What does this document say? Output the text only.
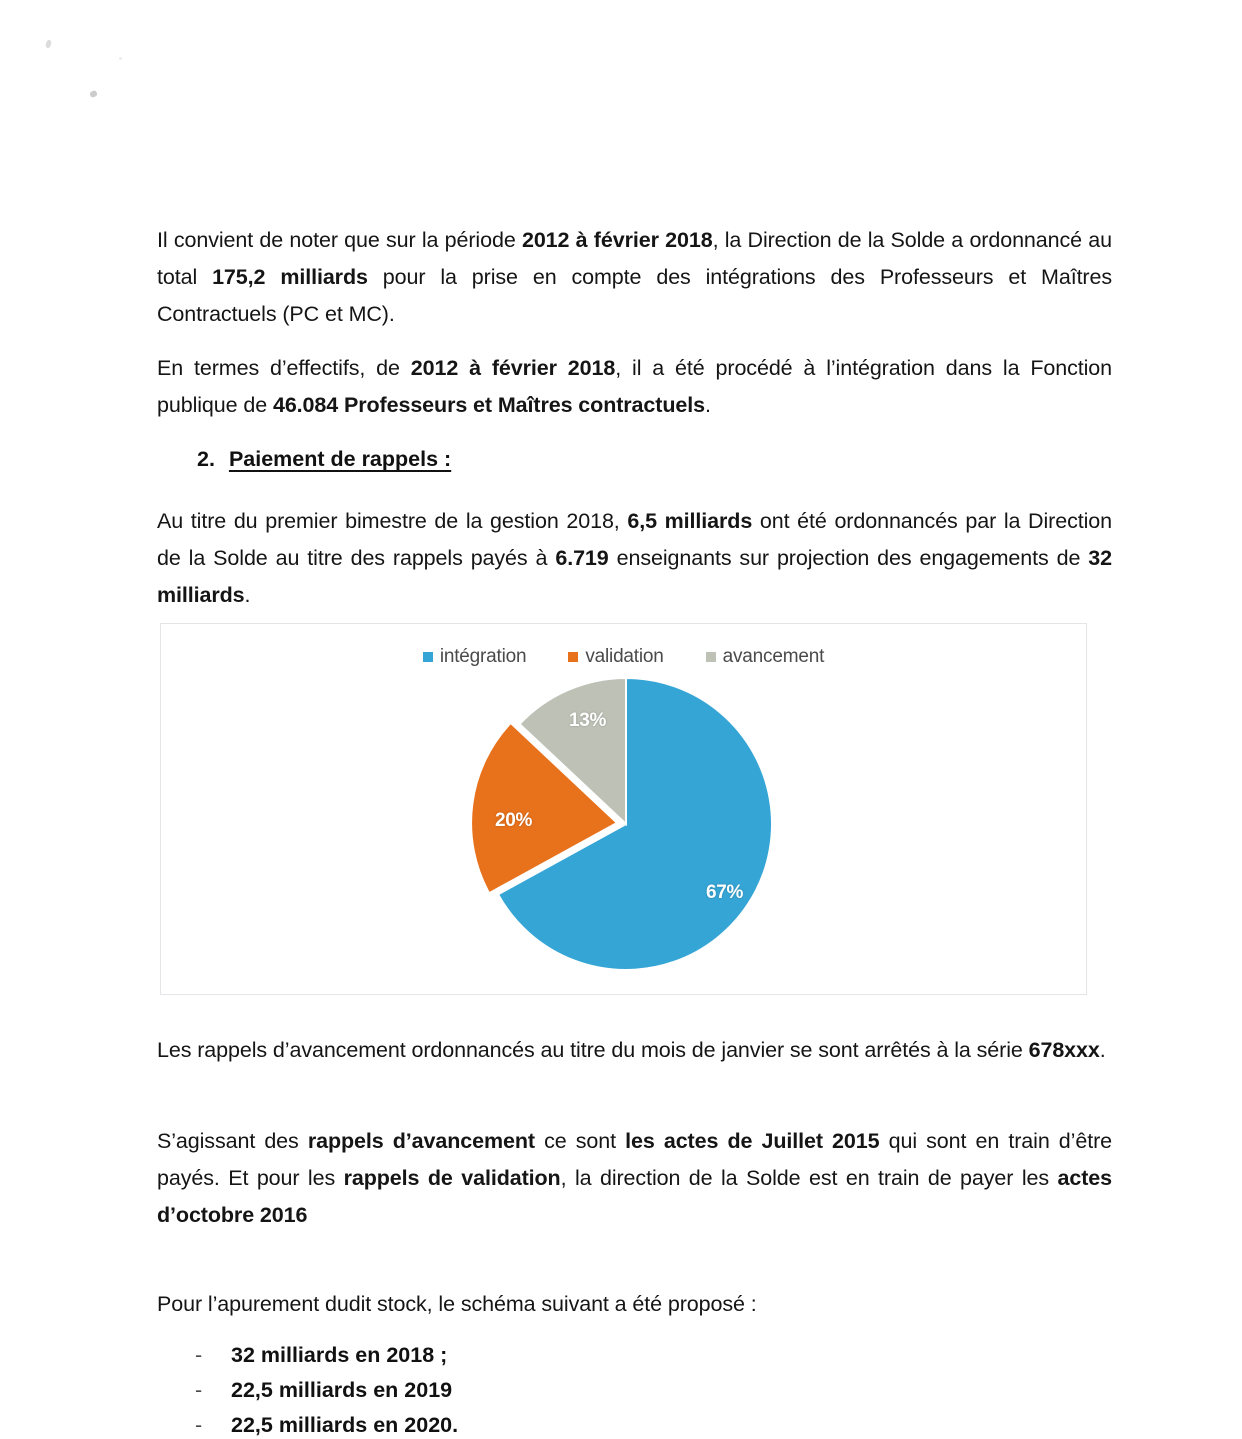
Il convient de noter que sur la période 2012 à février 2018, la Direction de la Solde a ordonnancé au total 175,2 milliards pour la prise en compte des intégrations des Professeurs et Maîtres Contractuels (PC et MC).

En termes d’effectifs, de 2012 à février 2018, il a été procédé à l’intégration dans la Fonction publique de 46.084 Professeurs et Maîtres contractuels.

2. Paiement de rappels :

Au titre du premier bimestre de la gestion 2018, 6,5 milliards ont été ordonnancés par la Direction de la Solde au titre des rappels payés à 6.719 enseignants sur projection des engagements de 32 milliards.

Les rappels d’avancement ordonnancés au titre du mois de janvier se sont arrêtés à la série 678xxx.

S’agissant des rappels d’avancement ce sont les actes de Juillet 2015 qui sont en train d’être payés. Et pour les rappels de validation, la direction de la Solde est en train de payer les actes d’octobre 2016

Pour l’apurement dudit stock, le schéma suivant a été proposé :

-	32 milliards en 2018 ;
-	22,5 milliards en 2019
-	22,5 milliards en 2020.
intégration	validation	avancement
67%
20%
13%
